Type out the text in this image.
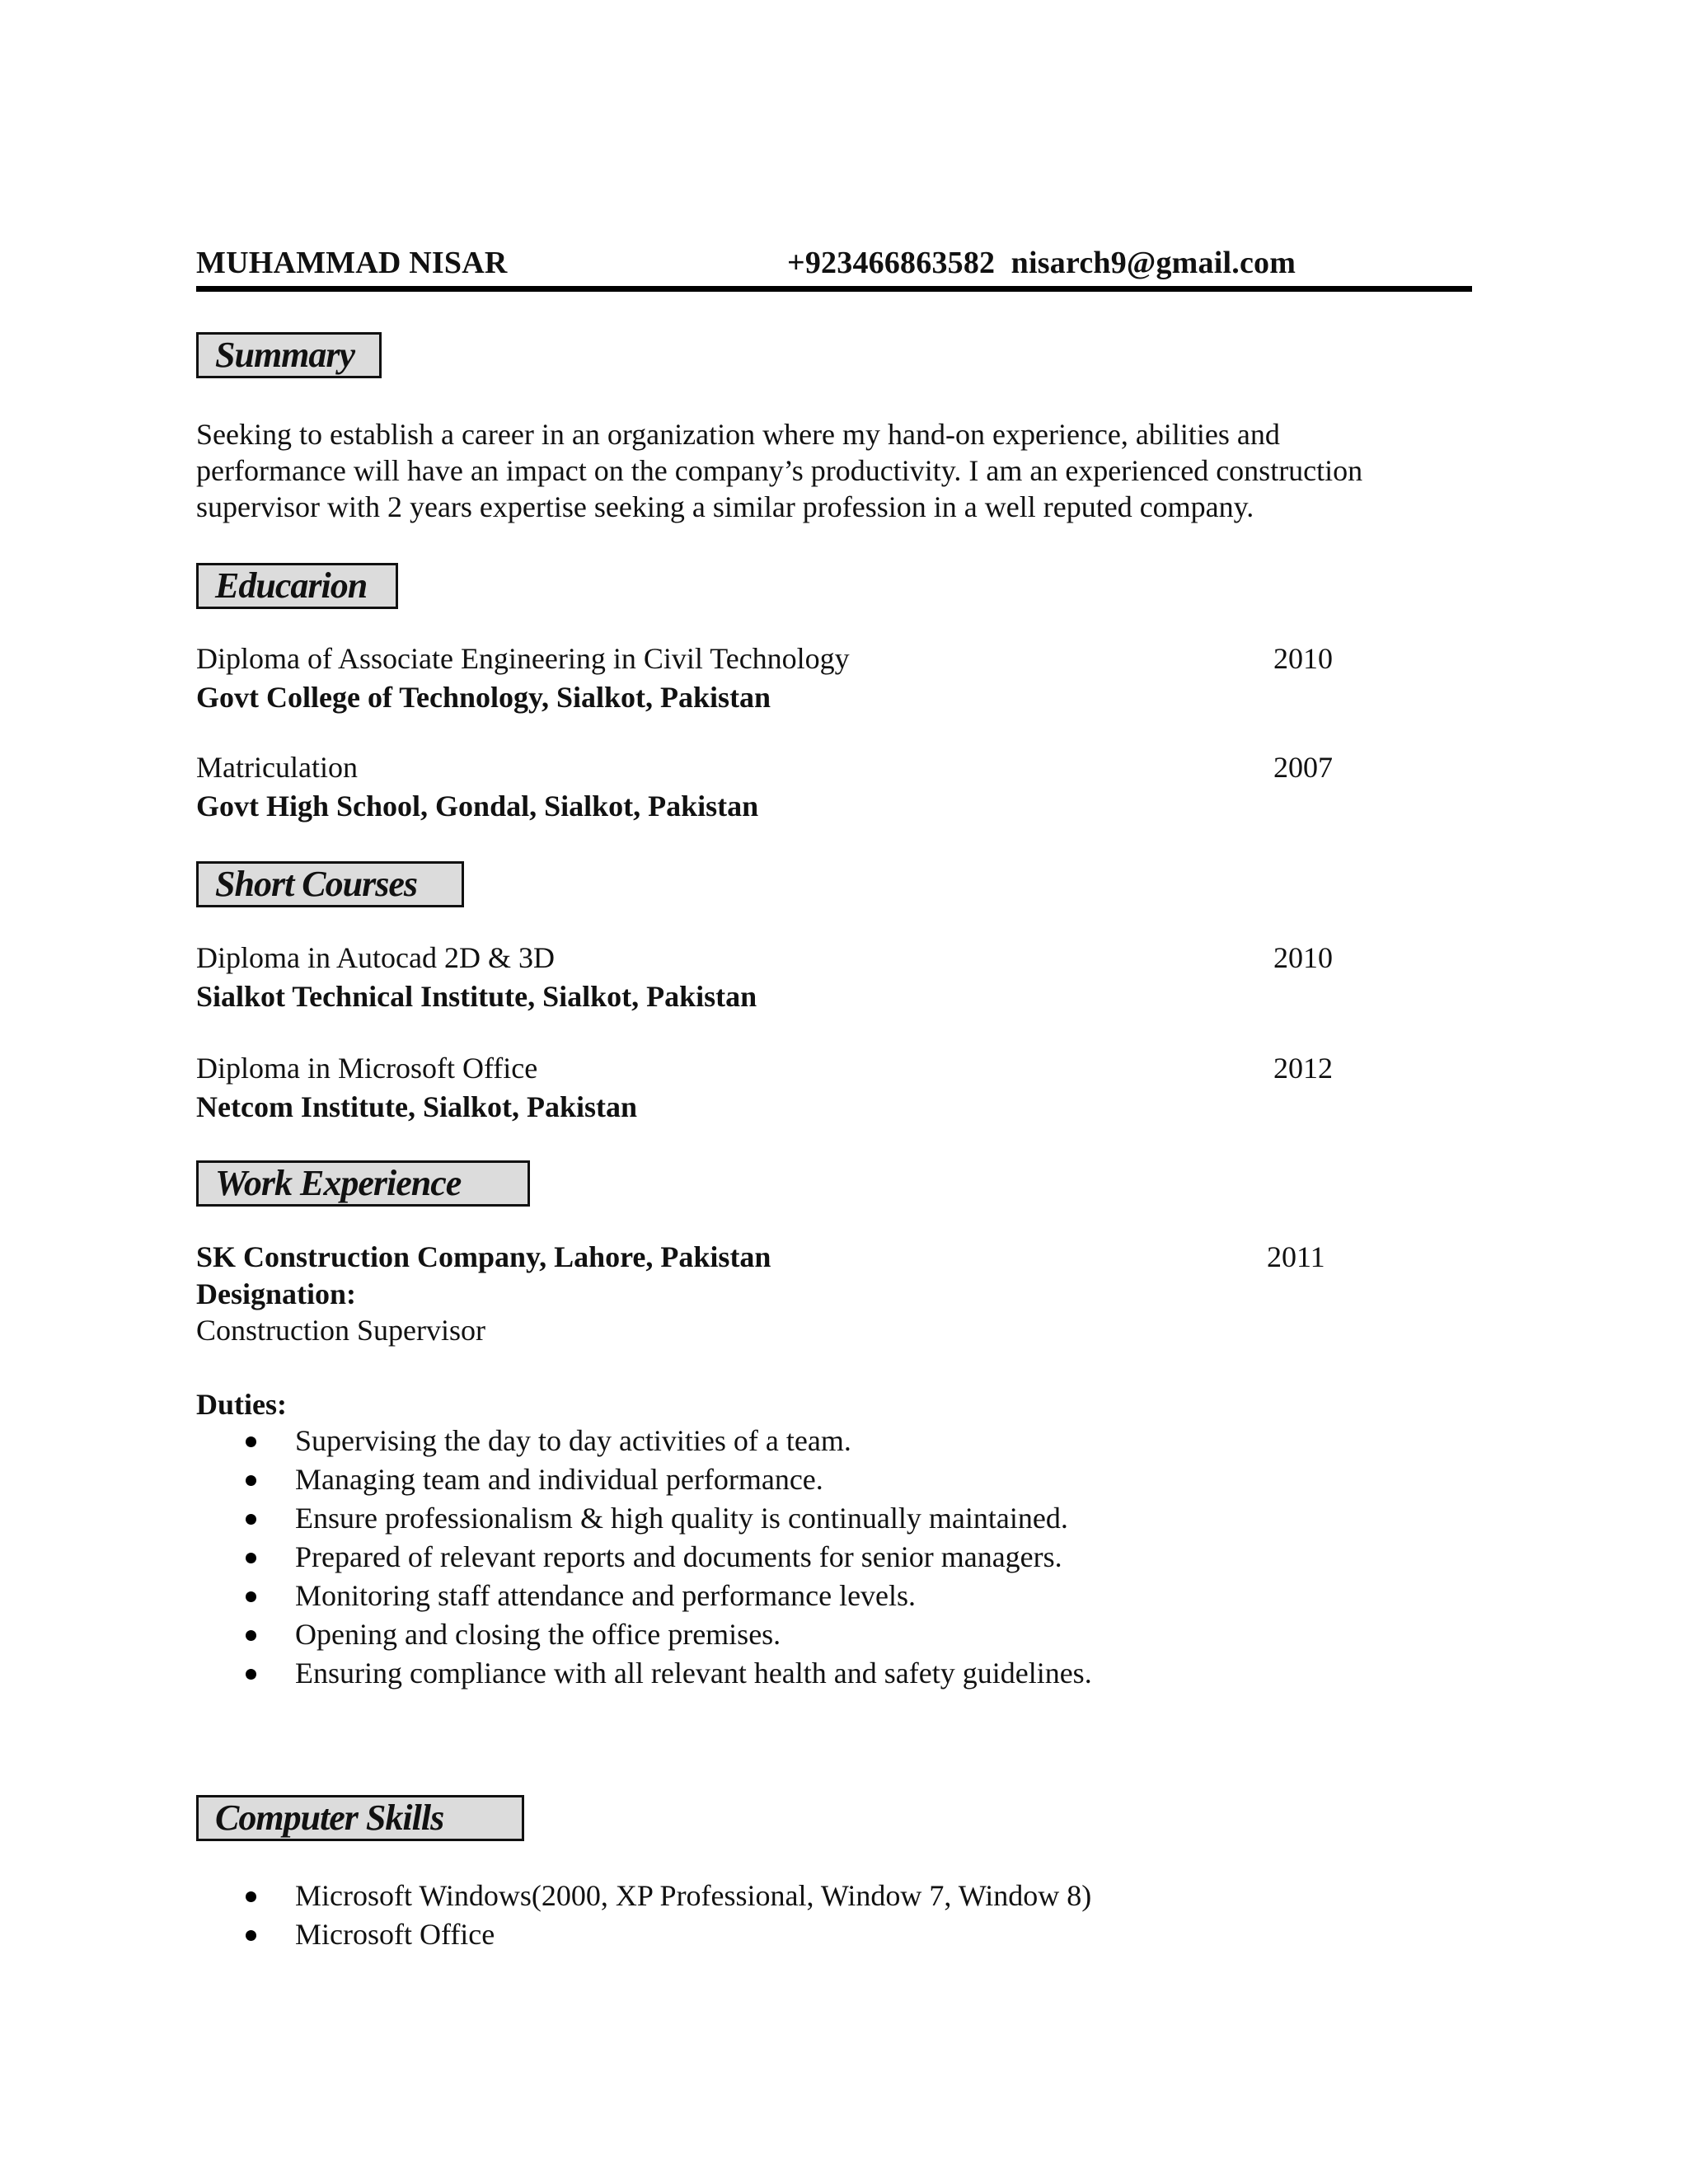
MUHAMMAD NISAR	+923466863582 nisarch9@gmail.com
Summary
Seeking to establish a career in an organization where my hand-on experience, abilities and
performance will have an impact on the company’s productivity. I am an experienced construction
supervisor with 2 years expertise seeking a similar profession in a well reputed company.
Educarion
Diploma of Associate Engineering in Civil Technology	2010
Govt College of Technology, Sialkot, Pakistan
Matriculation	2007
Govt High School, Gondal, Sialkot, Pakistan
Short Courses
Diploma in Autocad 2D & 3D	2010
Sialkot Technical Institute, Sialkot, Pakistan
Diploma in Microsoft Office	2012
Netcom Institute, Sialkot, Pakistan
Work Experience
SK Construction Company, Lahore, Pakistan	2011
Designation:
Construction Supervisor
Duties:
Supervising the day to day activities of a team.
Managing team and individual performance.
Ensure professionalism & high quality is continually maintained.
Prepared of relevant reports and documents for senior managers.
Monitoring staff attendance and performance levels.
Opening and closing the office premises.
Ensuring compliance with all relevant health and safety guidelines.
Computer Skills
Microsoft Windows(2000, XP Professional, Window 7, Window 8)
Microsoft Office
